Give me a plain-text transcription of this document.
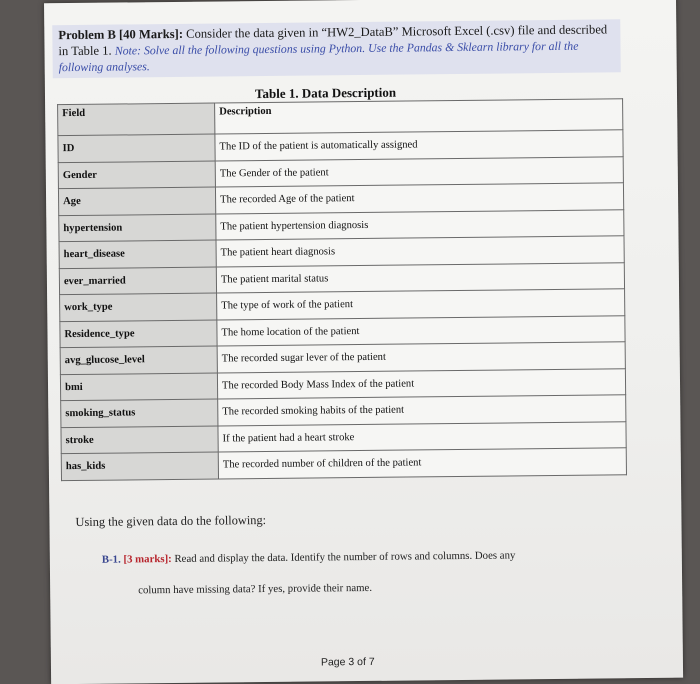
Problem B [40 Marks]: Consider the data given in “HW2_DataB” Microsoft Excel (.csv) file and described in Table 1. Note: Solve all the following questions using Python. Use the Pandas & Sklearn library for all the following analyses.
Table 1. Data Description
Field	Description
ID	The ID of the patient is automatically assigned
Gender	The Gender of the patient
Age	The recorded Age of the patient
hypertension	The patient hypertension diagnosis
heart_disease	The patient heart diagnosis
ever_married	The patient marital status
work_type	The type of work of the patient
Residence_type	The home location of the patient
avg_glucose_level	The recorded sugar lever of the patient
bmi	The recorded Body Mass Index of the patient
smoking_status	The recorded smoking habits of the patient
stroke	If the patient had a heart stroke
has_kids	The recorded number of children of the patient
Using the given data do the following:
B-1. [3 marks]: Read and display the data. Identify the number of rows and columns. Does any
column have missing data? If yes, provide their name.
Page 3 of 7
